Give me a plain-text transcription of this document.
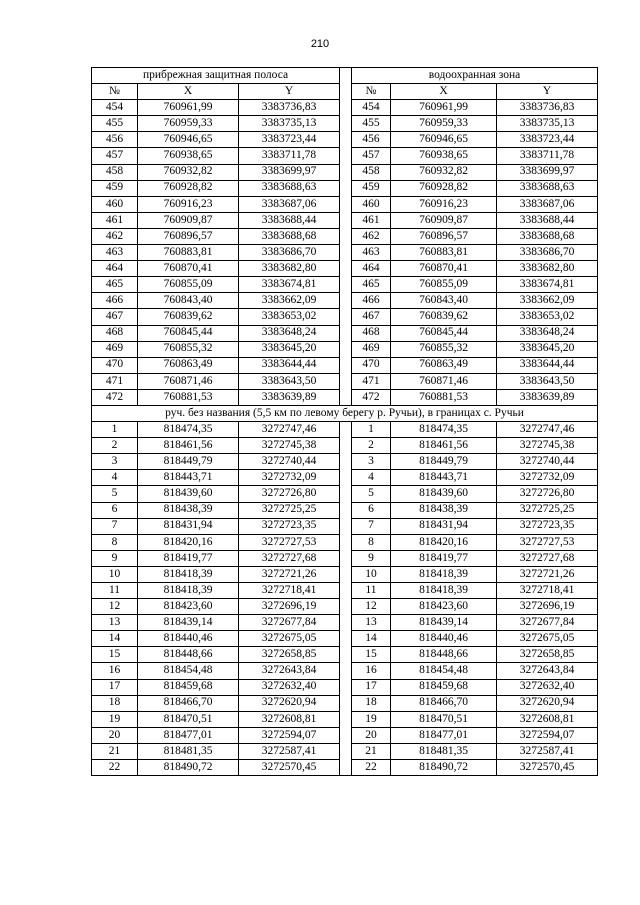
210
прибрежная защитная полоса				водоохранная зона		
№	X	Y		№	X	Y
454	760961,99	3383736,83		454	760961,99	3383736,83
455	760959,33	3383735,13		455	760959,33	3383735,13
456	760946,65	3383723,44		456	760946,65	3383723,44
457	760938,65	3383711,78		457	760938,65	3383711,78
458	760932,82	3383699,97		458	760932,82	3383699,97
459	760928,82	3383688,63		459	760928,82	3383688,63
460	760916,23	3383687,06		460	760916,23	3383687,06
461	760909,87	3383688,44		461	760909,87	3383688,44
462	760896,57	3383688,68		462	760896,57	3383688,68
463	760883,81	3383686,70		463	760883,81	3383686,70
464	760870,41	3383682,80		464	760870,41	3383682,80
465	760855,09	3383674,81		465	760855,09	3383674,81
466	760843,40	3383662,09		466	760843,40	3383662,09
467	760839,62	3383653,02		467	760839,62	3383653,02
468	760845,44	3383648,24		468	760845,44	3383648,24
469	760855,32	3383645,20		469	760855,32	3383645,20
470	760863,49	3383644,44		470	760863,49	3383644,44
471	760871,46	3383643,50		471	760871,46	3383643,50
472	760881,53	3383639,89		472	760881,53	3383639,89
руч. без названия (5,5 км по левому берегу р. Ручьи), в границах с. Ручьи						
1	818474,35	3272747,46		1	818474,35	3272747,46
2	818461,56	3272745,38		2	818461,56	3272745,38
3	818449,79	3272740,44		3	818449,79	3272740,44
4	818443,71	3272732,09		4	818443,71	3272732,09
5	818439,60	3272726,80		5	818439,60	3272726,80
6	818438,39	3272725,25		6	818438,39	3272725,25
7	818431,94	3272723,35		7	818431,94	3272723,35
8	818420,16	3272727,53		8	818420,16	3272727,53
9	818419,77	3272727,68		9	818419,77	3272727,68
10	818418,39	3272721,26		10	818418,39	3272721,26
11	818418,39	3272718,41		11	818418,39	3272718,41
12	818423,60	3272696,19		12	818423,60	3272696,19
13	818439,14	3272677,84		13	818439,14	3272677,84
14	818440,46	3272675,05		14	818440,46	3272675,05
15	818448,66	3272658,85		15	818448,66	3272658,85
16	818454,48	3272643,84		16	818454,48	3272643,84
17	818459,68	3272632,40		17	818459,68	3272632,40
18	818466,70	3272620,94		18	818466,70	3272620,94
19	818470,51	3272608,81		19	818470,51	3272608,81
20	818477,01	3272594,07		20	818477,01	3272594,07
21	818481,35	3272587,41		21	818481,35	3272587,41
22	818490,72	3272570,45		22	818490,72	3272570,45
